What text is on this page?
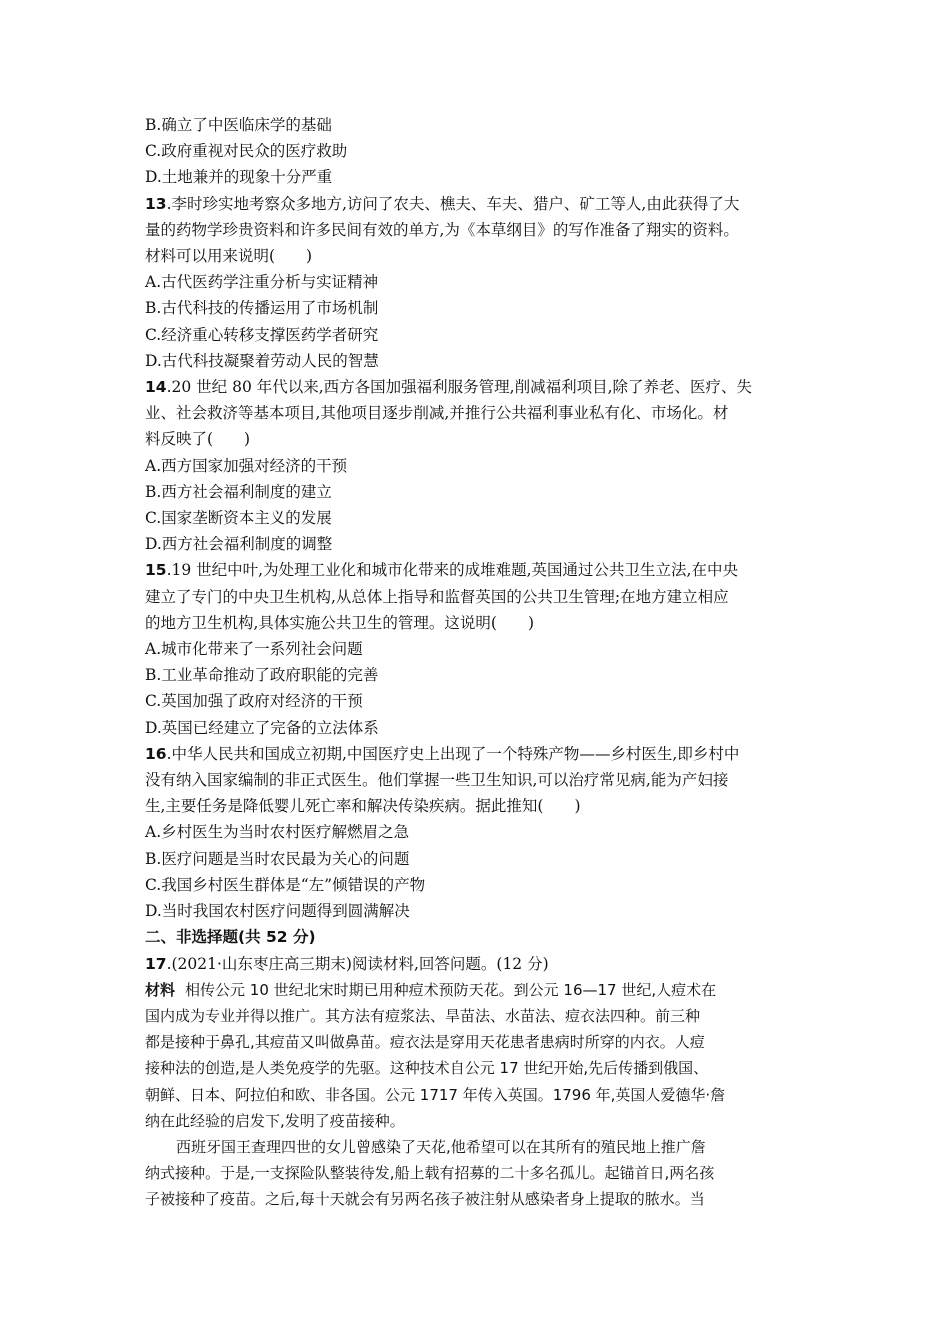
B.确立了中医临床学的基础
C.政府重视对民众的医疗救助
D.土地兼并的现象十分严重
13.李时珍实地考察众多地方,访问了农夫、樵夫、车夫、猎户、矿工等人,由此获得了大
量的药物学珍贵资料和许多民间有效的单方,为《本草纲目》的写作准备了翔实的资料。
材料可以用来说明(　　)
A.古代医药学注重分析与实证精神
B.古代科技的传播运用了市场机制
C.经济重心转移支撑医药学者研究
D.古代科技凝聚着劳动人民的智慧
14.20 世纪 80 年代以来,西方各国加强福利服务管理,削减福利项目,除了养老、医疗、失
业、社会救济等基本项目,其他项目逐步削减,并推行公共福利事业私有化、市场化。材
料反映了(　　)
A.西方国家加强对经济的干预
B.西方社会福利制度的建立
C.国家垄断资本主义的发展
D.西方社会福利制度的调整
15.19 世纪中叶,为处理工业化和城市化带来的成堆难题,英国通过公共卫生立法,在中央
建立了专门的中央卫生机构,从总体上指导和监督英国的公共卫生管理;在地方建立相应
的地方卫生机构,具体实施公共卫生的管理。这说明(　　)
A.城市化带来了一系列社会问题
B.工业革命推动了政府职能的完善
C.英国加强了政府对经济的干预
D.英国已经建立了完备的立法体系
16.中华人民共和国成立初期,中国医疗史上出现了一个特殊产物——乡村医生,即乡村中
没有纳入国家编制的非正式医生。他们掌握一些卫生知识,可以治疗常见病,能为产妇接
生,主要任务是降低婴儿死亡率和解决传染疾病。据此推知(　　)
A.乡村医生为当时农村医疗解燃眉之急
B.医疗问题是当时农民最为关心的问题
C.我国乡村医生群体是“左”倾错误的产物
D.当时我国农村医疗问题得到圆满解决
二、非选择题(共 52 分)
17.(2021·山东枣庄高三期末)阅读材料,回答问题。(12 分)
材料 相传公元 10 世纪北宋时期已用种痘术预防天花。到公元 16—17 世纪,人痘术在
国内成为专业并得以推广。其方法有痘浆法、旱苗法、水苗法、痘衣法四种。前三种
都是接种于鼻孔,其痘苗又叫做鼻苗。痘衣法是穿用天花患者患病时所穿的内衣。人痘
接种法的创造,是人类免疫学的先驱。这种技术自公元 17 世纪开始,先后传播到俄国、
朝鲜、日本、阿拉伯和欧、非各国。公元 1717 年传入英国。1796 年,英国人爱德华·詹
纳在此经验的启发下,发明了疫苗接种。
西班牙国王查理四世的女儿曾感染了天花,他希望可以在其所有的殖民地上推广詹
纳式接种。于是,一支探险队整装待发,船上载有招募的二十多名孤儿。起锚首日,两名孩
子被接种了疫苗。之后,每十天就会有另两名孩子被注射从感染者身上提取的脓水。当
